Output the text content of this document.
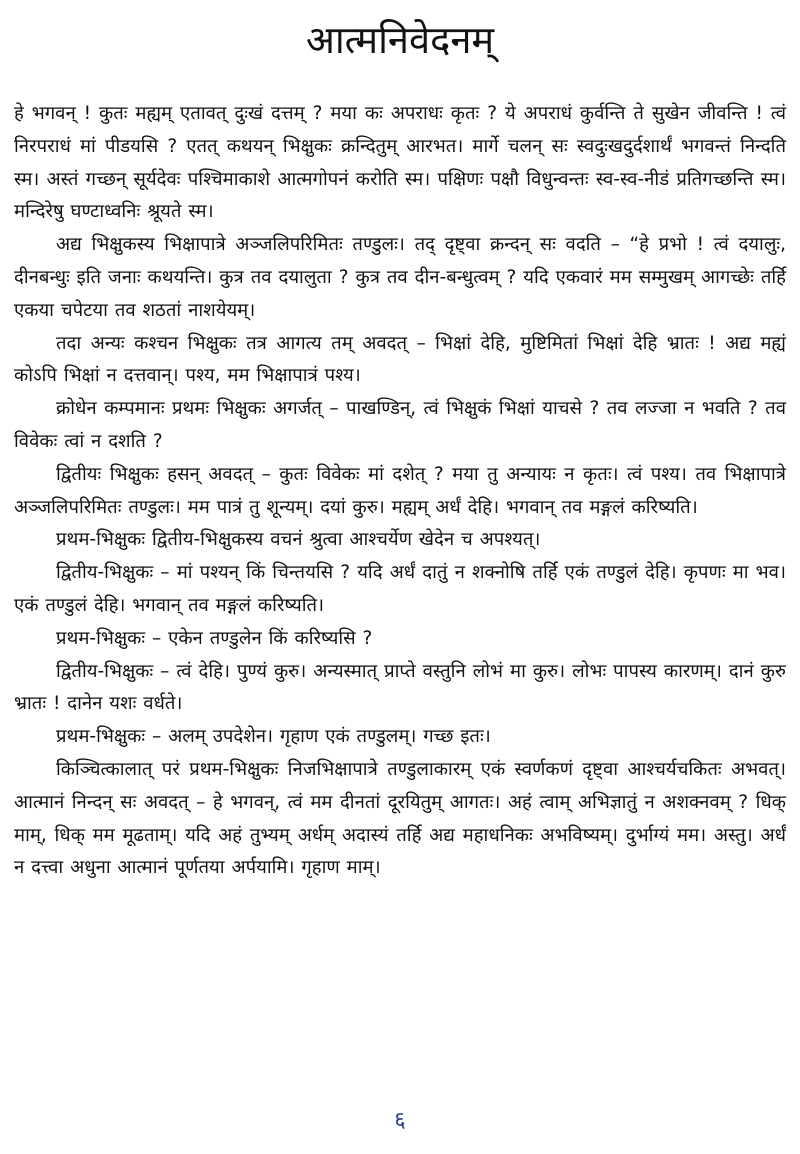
आत्मनिवेदनम्

हे भगवन् ! कुतः मह्यम् एतावत् दुःखं दत्तम् ? मया कः अपराधः कृतः ? ये अपराधं कुर्वन्ति ते सुखेन जीवन्ति ! त्वं निरपराधं मां पीडयसि ? एतत् कथयन् भिक्षुकः क्रन्दितुम् आरभत। मार्गे चलन् सः स्वदुःखदुर्दशार्थं भगवन्तं निन्दति स्म। अस्तं गच्छन् सूर्यदेवः पश्चिमाकाशे आत्मगोपनं करोति स्म। पक्षिणः पक्षौ विधुन्वन्तः स्व-स्व-नीडं प्रतिगच्छन्ति स्म। मन्दिरेषु घण्टाध्वनिः श्रूयते स्म।

अद्य भिक्षुकस्य भिक्षापात्रे अञ्जलिपरिमितः तण्डुलः। तद् दृष्ट्वा क्रन्दन् सः वदति – “हे प्रभो ! त्वं दयालुः, दीनबन्धुः इति जनाः कथयन्ति। कुत्र तव दयालुता ? कुत्र तव दीन-बन्धुत्वम् ? यदि एकवारं मम सम्मुखम् आगच्छेः तर्हि एकया चपेटया तव शठतां नाशयेयम्।

तदा अन्यः कश्चन भिक्षुकः तत्र आगत्य तम् अवदत् – भिक्षां देहि, मुष्टिमितां भिक्षां देहि भ्रातः ! अद्य मह्यं कोऽपि भिक्षां न दत्तवान्। पश्य, मम भिक्षापात्रं पश्य।

क्रोधेन कम्पमानः प्रथमः भिक्षुकः अगर्जत् – पाखण्डिन्, त्वं भिक्षुकं भिक्षां याचसे ? तव लज्जा न भवति ? तव विवेकः त्वां न दशति ?

द्वितीयः भिक्षुकः हसन् अवदत् – कुतः विवेकः मां दशेत् ? मया तु अन्यायः न कृतः। त्वं पश्य। तव भिक्षापात्रे अञ्जलिपरिमितः तण्डुलः। मम पात्रं तु शून्यम्। दयां कुरु। मह्यम् अर्धं देहि। भगवान् तव मङ्गलं करिष्यति।

प्रथम-भिक्षुकः द्वितीय-भिक्षुकस्य वचनं श्रुत्वा आश्चर्येण खेदेन च अपश्यत्।

द्वितीय-भिक्षुकः – मां पश्यन् किं चिन्तयसि ? यदि अर्धं दातुं न शक्नोषि तर्हि एकं तण्डुलं देहि। कृपणः मा भव। एकं तण्डुलं देहि। भगवान् तव मङ्गलं करिष्यति।

प्रथम-भिक्षुकः – एकेन तण्डुलेन किं करिष्यसि ?

द्वितीय-भिक्षुकः – त्वं देहि। पुण्यं कुरु। अन्यस्मात् प्राप्ते वस्तुनि लोभं मा कुरु। लोभः पापस्य कारणम्। दानं कुरु भ्रातः ! दानेन यशः वर्धते।

प्रथम-भिक्षुकः – अलम् उपदेशेन। गृहाण एकं तण्डुलम्। गच्छ इतः।

किञ्चित्कालात् परं प्रथम-भिक्षुकः निजभिक्षापात्रे तण्डुलाकारम् एकं स्वर्णकणं दृष्ट्वा आश्चर्यचकितः अभवत्। आत्मानं निन्दन् सः अवदत् – हे भगवन्, त्वं मम दीनतां दूरयितुम् आगतः। अहं त्वाम् अभिज्ञातुं न अशक्नवम् ? धिक् माम्, धिक् मम मूढताम्। यदि अहं तुभ्यम् अर्धम् अदास्यं तर्हि अद्य महाधनिकः अभविष्यम्। दुर्भाग्यं मम। अस्तु। अर्धं न दत्त्वा अधुना आत्मानं पूर्णतया अर्पयामि। गृहाण माम्।

६
